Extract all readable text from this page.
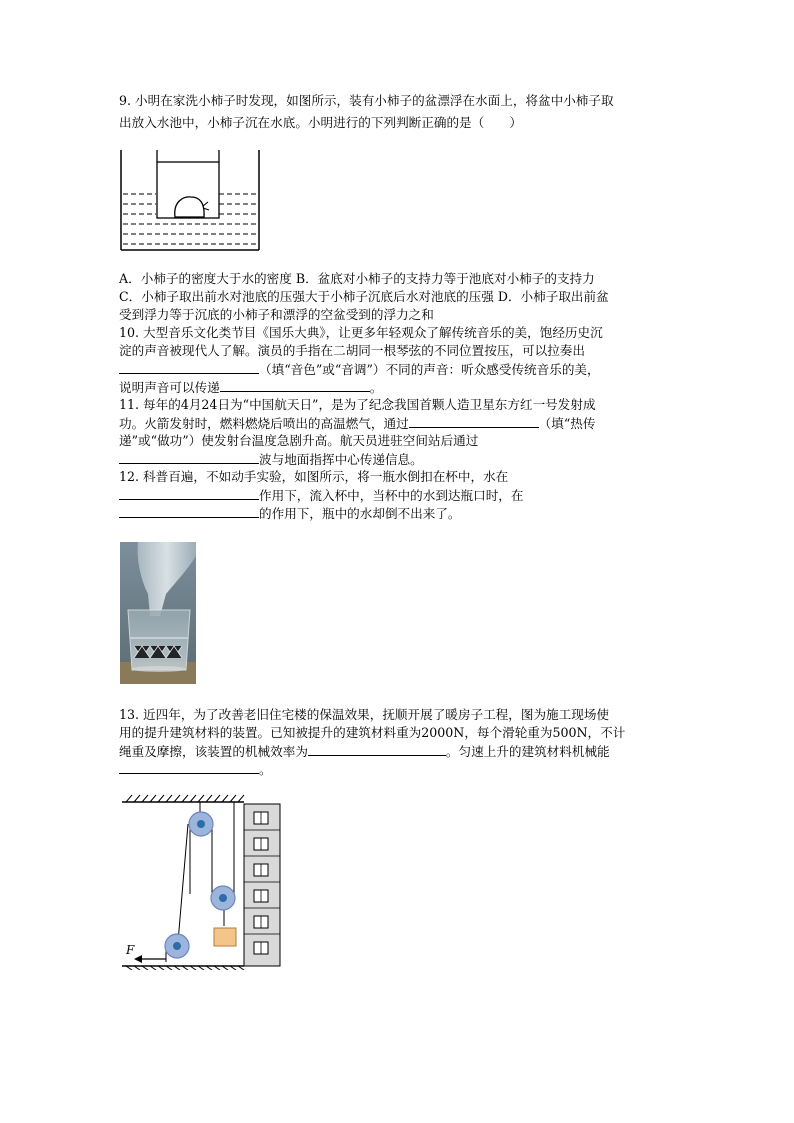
9. 小明在家洗小柿子时发现，如图所示，装有小柿子的盆漂浮在水面上，将盆中小柿子取
出放入水池中，小柿子沉在水底。小明进行的下列判断正确的是（　　）
A．小柿子的密度大于水的密度 B．盆底对小柿子的支持力等于池底对小柿子的支持力
C．小柿子取出前水对池底的压强大于小柿子沉底后水对池底的压强 D．小柿子取出前盆
受到浮力等于沉底的小柿子和漂浮的空盆受到的浮力之和
10. 大型音乐文化类节目《国乐大典》，让更多年轻观众了解传统音乐的美，饱经历史沉
淀的声音被现代人了解。演员的手指在二胡同一根琴弦的不同位置按压，可以拉奏出
（填“音色”或“音调”）不同的声音：听众感受传统音乐的美，
说明声音可以传递	。
11. 每年的4月24日为“中国航天日”，是为了纪念我国首颗人造卫星东方红一号发射成
功。火箭发射时，燃料燃烧后喷出的高温燃气，通过	（填“热传
递”或“做功”）使发射台温度急剧升高。航天员进驻空间站后通过
波与地面指挥中心传递信息。
12. 科普百遍，不如动手实验，如图所示，将一瓶水倒扣在杯中，水在
作用下，流入杯中，当杯中的水到达瓶口时，在
的作用下，瓶中的水却倒不出来了。
13. 近四年，为了改善老旧住宅楼的保温效果，抚顺开展了暖房子工程，图为施工现场使
用的提升建筑材料的装置。已知被提升的建筑材料重为2000N，每个滑轮重为500N，不计
绳重及摩擦，该装置的机械效率为	。匀速上升的建筑材料机械能
。
F
